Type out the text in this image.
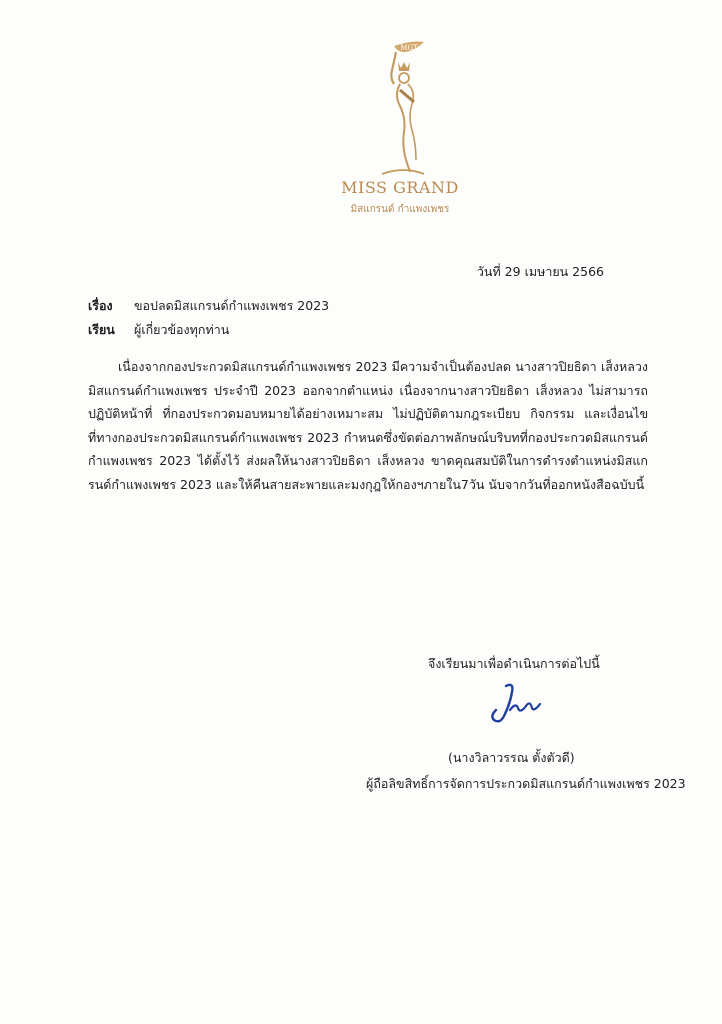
MGT
MISS GRAND
มิสแกรนด์ กำแพงเพชร
วันที่ 29 เมษายน 2566
เรื่อง ขอปลดมิสแกรนด์กำแพงเพชร 2023
เรียน ผู้เกี่ยวข้องทุกท่าน
เนื่องจากกองประกวดมิสแกรนด์กำแพงเพชร 2023 มีความจำเป็นต้องปลด นางสาวปิยธิดา เส็งหลวง มิสแกรนด์กำแพงเพชร ประจำปี 2023 ออกจากตำแหน่ง เนื่องจากนางสาวปิยธิดา เส็งหลวง ไม่สามารถปฏิบัติหน้าที่ ที่กองประกวดมอบหมายได้อย่างเหมาะสม ไม่ปฏิบัติตามกฎระเบียบ กิจกรรม และเงื่อนไขที่ทางกองประกวดมิสแกรนด์กำแพงเพชร 2023 กำหนดซึ่งขัดต่อภาพลักษณ์บริบทที่กองประกวดมิสแกรนด์กำแพงเพชร 2023 ได้ตั้งไว้ ส่งผลให้นางสาวปิยธิดา เส็งหลวง ขาดคุณสมบัติในการดำรงตำแหน่งมิสแกรนด์กำแพงเพชร 2023 และให้คืนสายสะพายและมงกุฎให้กองฯภายใน7วัน นับจากวันที่ออกหนังสือฉบับนี้
จึงเรียนมาเพื่อดำเนินการต่อไปนี้
(นางวิลาวรรณ ตั้งตัวดี)
ผู้ถือลิขสิทธิ์การจัดการประกวดมิสแกรนด์กำแพงเพชร 2023
